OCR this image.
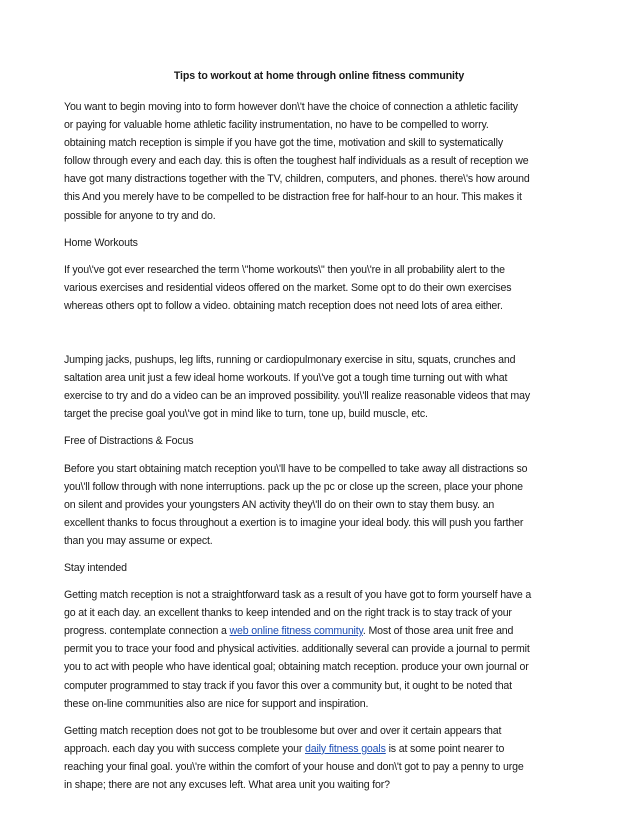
Tips to workout at home through online fitness community

You want to begin moving into to form however don\'t have the choice of connection a athletic facility

or paying for valuable home athletic facility instrumentation, no have to be compelled to worry.

obtaining match reception is simple if you have got the time, motivation and skill to systematically

follow through every and each day. this is often the toughest half individuals as a result of reception we

have got many distractions together with the TV, children, computers, and phones. there\'s how around

this And you merely have to be compelled to be distraction free for half-hour to an hour. This makes it

possible for anyone to try and do.

Home Workouts

If you\'ve got ever researched the term \"home workouts\" then you\'re in all probability alert to the

various exercises and residential videos offered on the market. Some opt to do their own exercises

whereas others opt to follow a video. obtaining match reception does not need lots of area either.

Jumping jacks, pushups, leg lifts, running or cardiopulmonary exercise in situ, squats, crunches and

saltation area unit just a few ideal home workouts. If you\'ve got a tough time turning out with what

exercise to try and do a video can be an improved possibility. you\'ll realize reasonable videos that may

target the precise goal you\'ve got in mind like to turn, tone up, build muscle, etc.

Free of Distractions & Focus

Before you start obtaining match reception you\'ll have to be compelled to take away all distractions so

you\'ll follow through with none interruptions. pack up the pc or close up the screen, place your phone

on silent and provides your youngsters AN activity they\'ll do on their own to stay them busy. an

excellent thanks to focus throughout a exertion is to imagine your ideal body. this will push you farther

than you may assume or expect.

Stay intended

Getting match reception is not a straightforward task as a result of you have got to form yourself have a

go at it each day. an excellent thanks to keep intended and on the right track is to stay track of your

progress. contemplate connection a web online fitness community. Most of those area unit free and

permit you to trace your food and physical activities. additionally several can provide a journal to permit

you to act with people who have identical goal; obtaining match reception. produce your own journal or

computer programmed to stay track if you favor this over a community but, it ought to be noted that

these on-line communities also are nice for support and inspiration.

Getting match reception does not got to be troublesome but over and over it certain appears that

approach. each day you with success complete your daily fitness goals is at some point nearer to

reaching your final goal. you\'re within the comfort of your house and don\'t got to pay a penny to urge

in shape; there are not any excuses left. What area unit you waiting for?
